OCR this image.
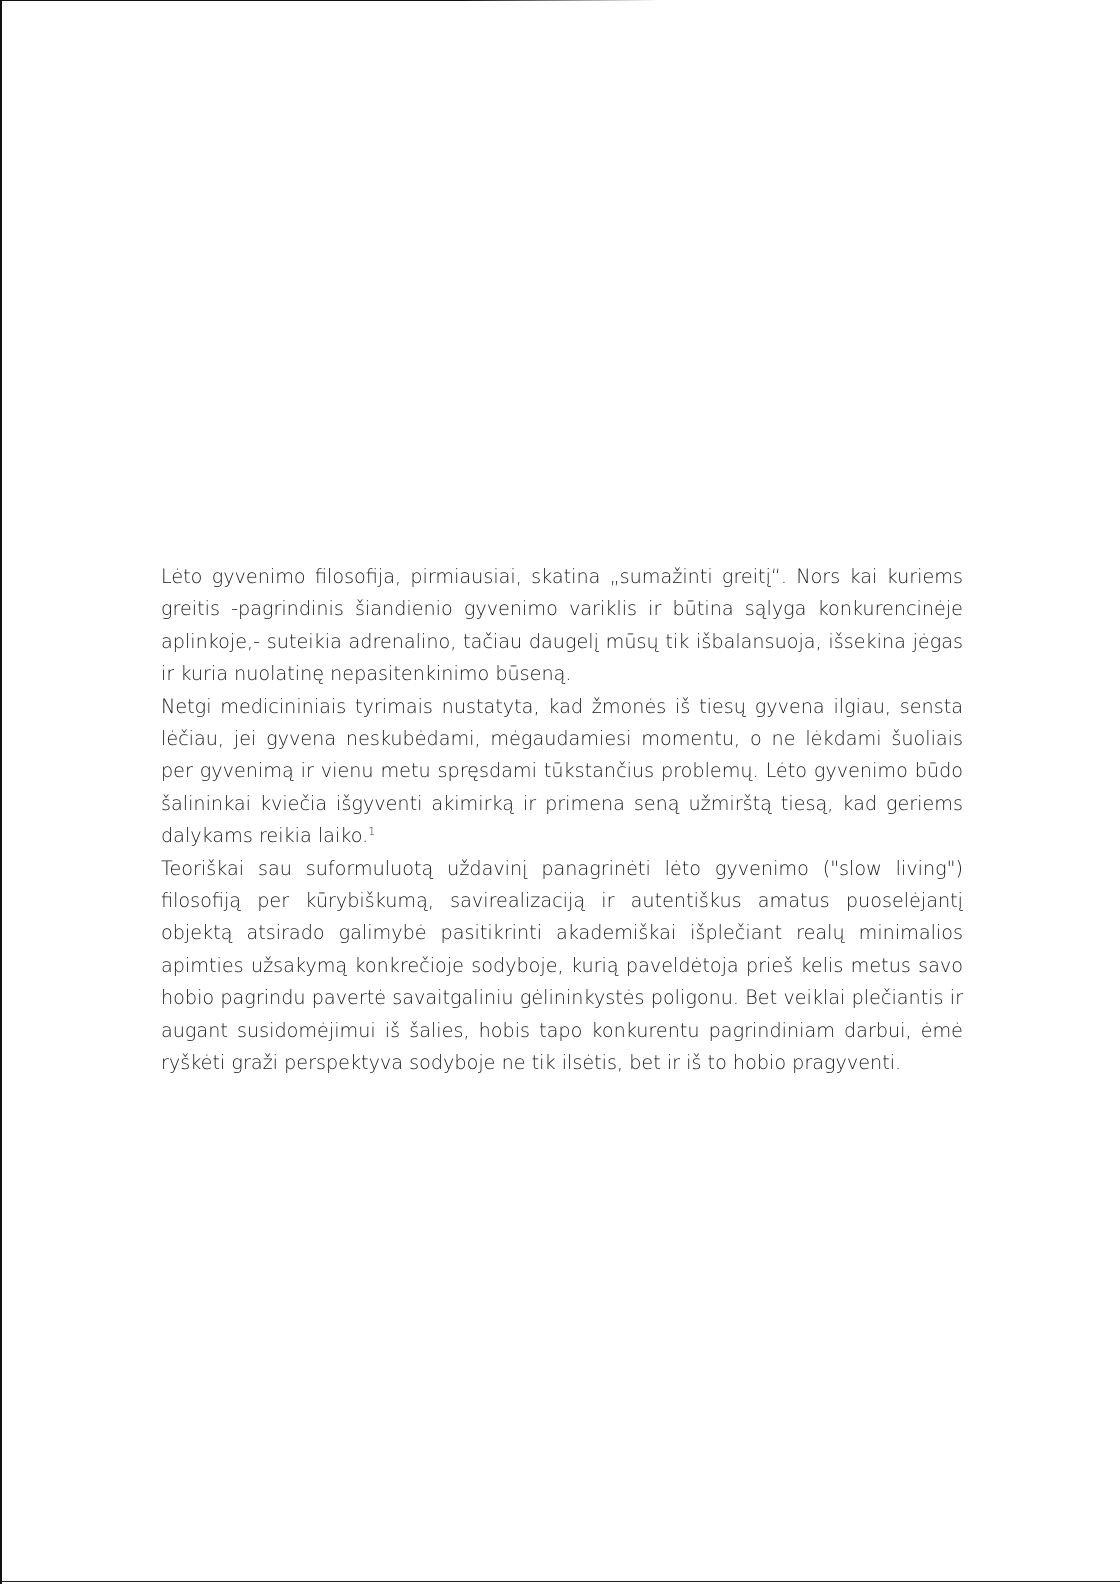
Lėto gyvenimo filosofija, pirmiausiai, skatina „sumažinti greitį“. Nors kai kuriems greitis -pagrindinis šiandienio gyvenimo variklis ir būtina sąlyga konkurencinėje aplinkoje,- suteikia adrenalino, tačiau daugelį mūsų tik išbalansuoja, išsekina jėgas ir kuria nuolatinę nepasitenkinimo būseną.

Netgi medicininiais tyrimais nustatyta, kad žmonės iš tiesų gyvena ilgiau, sensta lėčiau, jei gyvena neskubėdami, mėgaudamiesi momentu, o ne lėkdami šuoliais per gyvenimą ir vienu metu spręsdami tūkstančius problemų. Lėto gyvenimo būdo šalininkai kviečia išgyventi akimirką ir primena seną užmirštą tiesą, kad geriems dalykams reikia laiko.$^1$

Teoriškai sau suformuluotą uždavinį panagrinėti lėto gyvenimo ("slow living") filosofiją per kūrybiškumą, savirealizaciją ir autentiškus amatus puoselėjantį objektą atsirado galimybė pasitikrinti akademiškai išplečiant realų minimalios apimties užsakymą konkrečioje sodyboje, kurią paveldėtoja prieš kelis metus savo hobio pagrindu pavertė savaitgaliniu gėlininkystės poligonu. Bet veiklai plečiantis ir augant susidomėjimui iš šalies, hobis tapo konkurentu pagrindiniam darbui, ėmė ryškėti graži perspektyva sodyboje ne tik ilsėtis, bet ir iš to hobio pragyventi.
